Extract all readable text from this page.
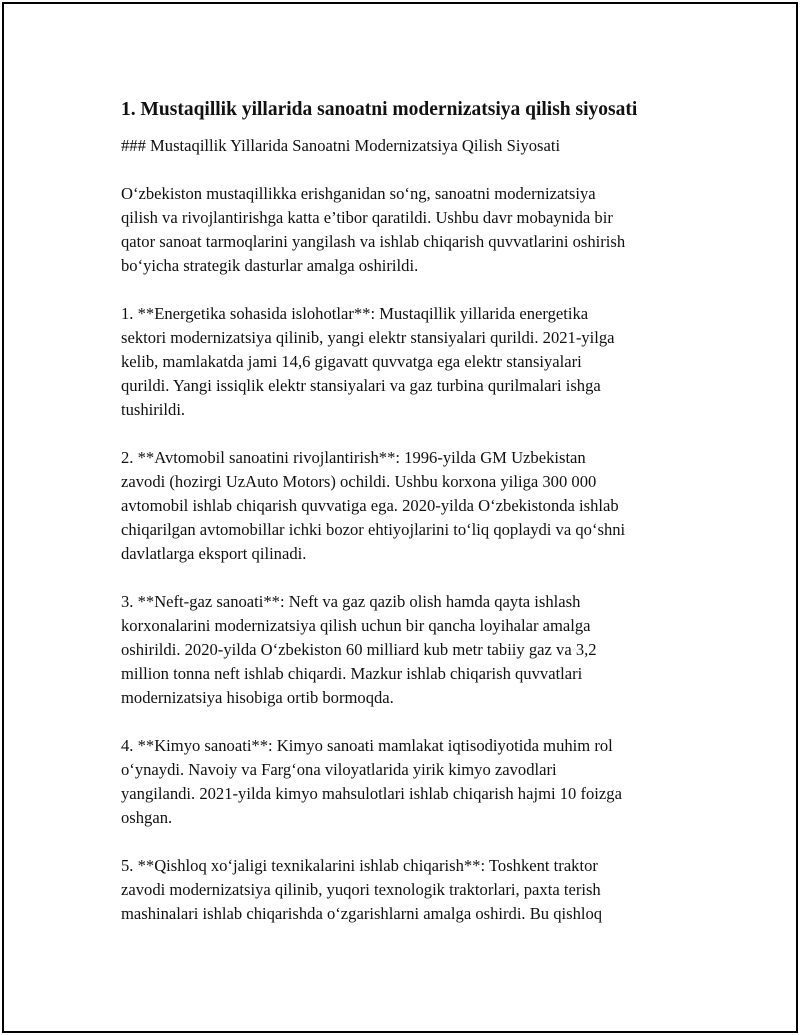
1. Mustaqillik yillarida sanoatni modernizatsiya qilish siyosati
### Mustaqillik Yillarida Sanoatni Modernizatsiya Qilish Siyosati
O‘zbekiston mustaqillikka erishganidan so‘ng, sanoatni modernizatsiya
qilish va rivojlantirishga katta e’tibor qaratildi. Ushbu davr mobaynida bir
qator sanoat tarmoqlarini yangilash va ishlab chiqarish quvvatlarini oshirish
bo‘yicha strategik dasturlar amalga oshirildi.
1. **Energetika sohasida islohotlar**: Mustaqillik yillarida energetika
sektori modernizatsiya qilinib, yangi elektr stansiyalari qurildi. 2021-yilga
kelib, mamlakatda jami 14,6 gigavatt quvvatga ega elektr stansiyalari
qurildi. Yangi issiqlik elektr stansiyalari va gaz turbina qurilmalari ishga
tushirildi.
2. **Avtomobil sanoatini rivojlantirish**: 1996-yilda GM Uzbekistan
zavodi (hozirgi UzAuto Motors) ochildi. Ushbu korxona yiliga 300 000
avtomobil ishlab chiqarish quvvatiga ega. 2020-yilda O‘zbekistonda ishlab
chiqarilgan avtomobillar ichki bozor ehtiyojlarini to‘liq qoplaydi va qo‘shni
davlatlarga eksport qilinadi.
3. **Neft-gaz sanoati**: Neft va gaz qazib olish hamda qayta ishlash
korxonalarini modernizatsiya qilish uchun bir qancha loyihalar amalga
oshirildi. 2020-yilda O‘zbekiston 60 milliard kub metr tabiiy gaz va 3,2
million tonna neft ishlab chiqardi. Mazkur ishlab chiqarish quvvatlari
modernizatsiya hisobiga ortib bormoqda.
4. **Kimyo sanoati**: Kimyo sanoati mamlakat iqtisodiyotida muhim rol
o‘ynaydi. Navoiy va Farg‘ona viloyatlarida yirik kimyo zavodlari
yangilandi. 2021-yilda kimyo mahsulotlari ishlab chiqarish hajmi 10 foizga
oshgan.
5. **Qishloq xo‘jaligi texnikalarini ishlab chiqarish**: Toshkent traktor
zavodi modernizatsiya qilinib, yuqori texnologik traktorlari, paxta terish
mashinalari ishlab chiqarishda o‘zgarishlarni amalga oshirdi. Bu qishloq
